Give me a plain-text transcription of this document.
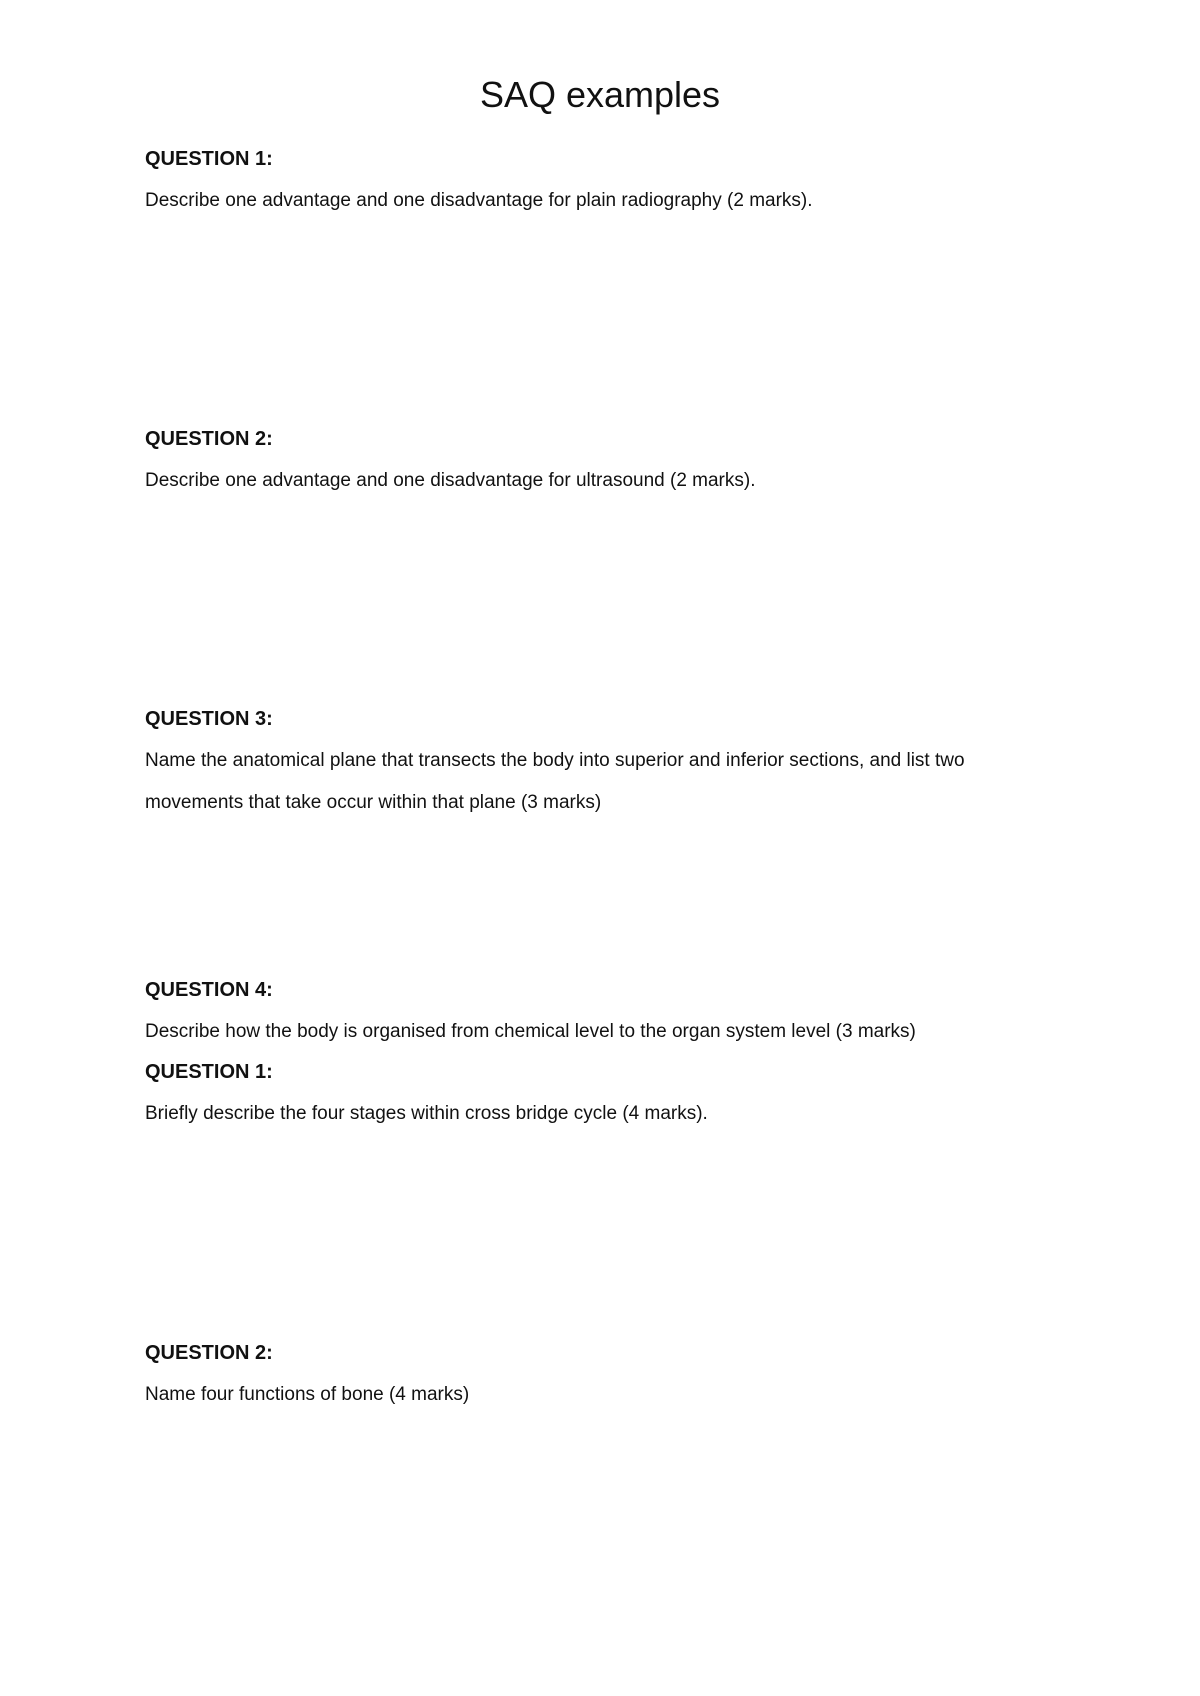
SAQ examples

QUESTION 1:

Describe one advantage and one disadvantage for plain radiography (2 marks).

QUESTION 2:

Describe one advantage and one disadvantage for ultrasound (2 marks).

QUESTION 3:

Name the anatomical plane that transects the body into superior and inferior sections, and list two movements that take occur within that plane (3 marks)

QUESTION 4:

Describe how the body is organised from chemical level to the organ system level (3 marks)

QUESTION 1:

Briefly describe the four stages within cross bridge cycle (4 marks).

QUESTION 2:

Name four functions of bone (4 marks)
